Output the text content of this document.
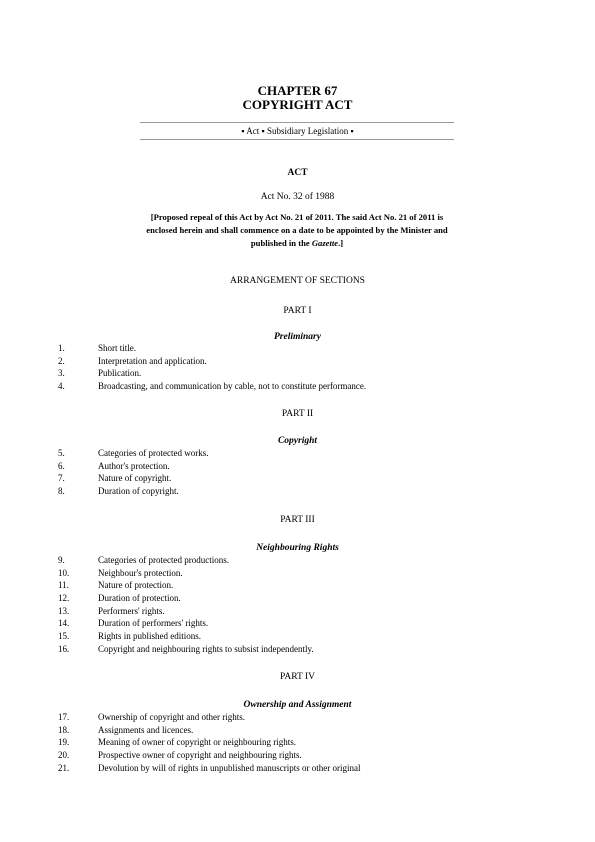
CHAPTER 67
COPYRIGHT ACT
▪ Act ▪ Subsidiary Legislation ▪
ACT
Act No. 32 of 1988
[Proposed repeal of this Act by Act No. 21 of 2011. The said Act No. 21 of 2011 is enclosed herein and shall commence on a date to be appointed by the Minister and published in the Gazette.]
ARRANGEMENT OF SECTIONS
PART I
Preliminary
1.	Short title.
2.	Interpretation and application.
3.	Publication.
4.	Broadcasting, and communication by cable, not to constitute performance.
PART II
Copyright
5.	Categories of protected works.
6.	Author's protection.
7.	Nature of copyright.
8.	Duration of copyright.
PART III
Neighbouring Rights
9.	Categories of protected productions.
10.	Neighbour's protection.
11.	Nature of protection.
12.	Duration of protection.
13.	Performers' rights.
14.	Duration of performers' rights.
15.	Rights in published editions.
16.	Copyright and neighbouring rights to subsist independently.
PART IV
Ownership and Assignment
17.	Ownership of copyright and other rights.
18.	Assignments and licences.
19.	Meaning of owner of copyright or neighbouring rights.
20.	Prospective owner of copyright and neighbouring rights.
21.	Devolution by will of rights in unpublished manuscripts or other original
